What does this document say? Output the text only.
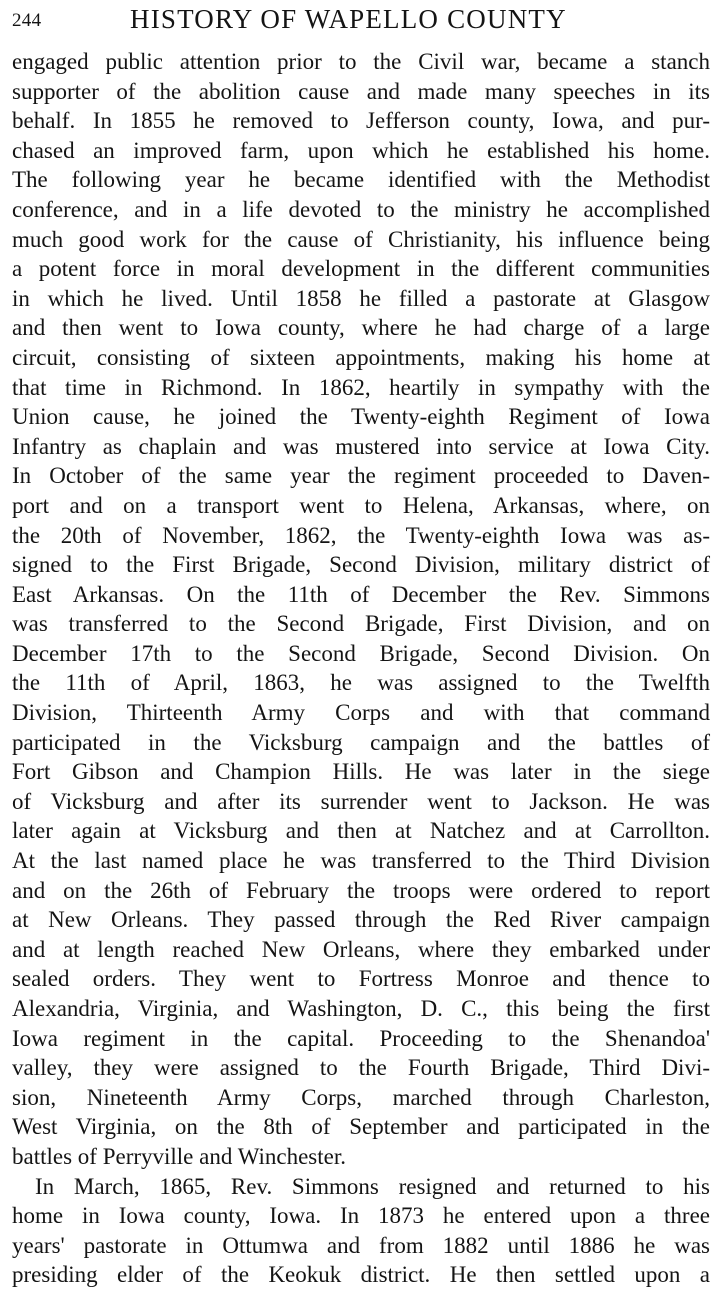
244	HISTORY OF WAPELLO COUNTY
engaged public attention prior to the Civil war, became a stanch
supporter of the abolition cause and made many speeches in its
behalf. In 1855 he removed to Jefferson county, Iowa, and pur-
chased an improved farm, upon which he established his home.
The following year he became identified with the Methodist
conference, and in a life devoted to the ministry he accomplished
much good work for the cause of Christianity, his influence being
a potent force in moral development in the different communities
in which he lived. Until 1858 he filled a pastorate at Glasgow
and then went to Iowa county, where he had charge of a large
circuit, consisting of sixteen appointments, making his home at
that time in Richmond. In 1862, heartily in sympathy with the
Union cause, he joined the Twenty-eighth Regiment of Iowa
Infantry as chaplain and was mustered into service at Iowa City.
In October of the same year the regiment proceeded to Daven-
port and on a transport went to Helena, Arkansas, where, on
the 20th of November, 1862, the Twenty-eighth Iowa was as-
signed to the First Brigade, Second Division, military district of
East Arkansas. On the 11th of December the Rev. Simmons
was transferred to the Second Brigade, First Division, and on
December 17th to the Second Brigade, Second Division. On
the 11th of April, 1863, he was assigned to the Twelfth
Division, Thirteenth Army Corps and with that command
participated in the Vicksburg campaign and the battles of
Fort Gibson and Champion Hills. He was later in the siege
of Vicksburg and after its surrender went to Jackson. He was
later again at Vicksburg and then at Natchez and at Carrollton.
At the last named place he was transferred to the Third Division
and on the 26th of February the troops were ordered to report
at New Orleans. They passed through the Red River campaign
and at length reached New Orleans, where they embarked under
sealed orders. They went to Fortress Monroe and thence to
Alexandria, Virginia, and Washington, D. C., this being the first
Iowa regiment in the capital. Proceeding to the Shenandoa'
valley, they were assigned to the Fourth Brigade, Third Divi-
sion, Nineteenth Army Corps, marched through Charleston,
West Virginia, on the 8th of September and participated in the
battles of Perryville and Winchester.
In March, 1865, Rev. Simmons resigned and returned to his
home in Iowa county, Iowa. In 1873 he entered upon a three
years' pastorate in Ottumwa and from 1882 until 1886 he was
presiding elder of the Keokuk district. He then settled upon a
